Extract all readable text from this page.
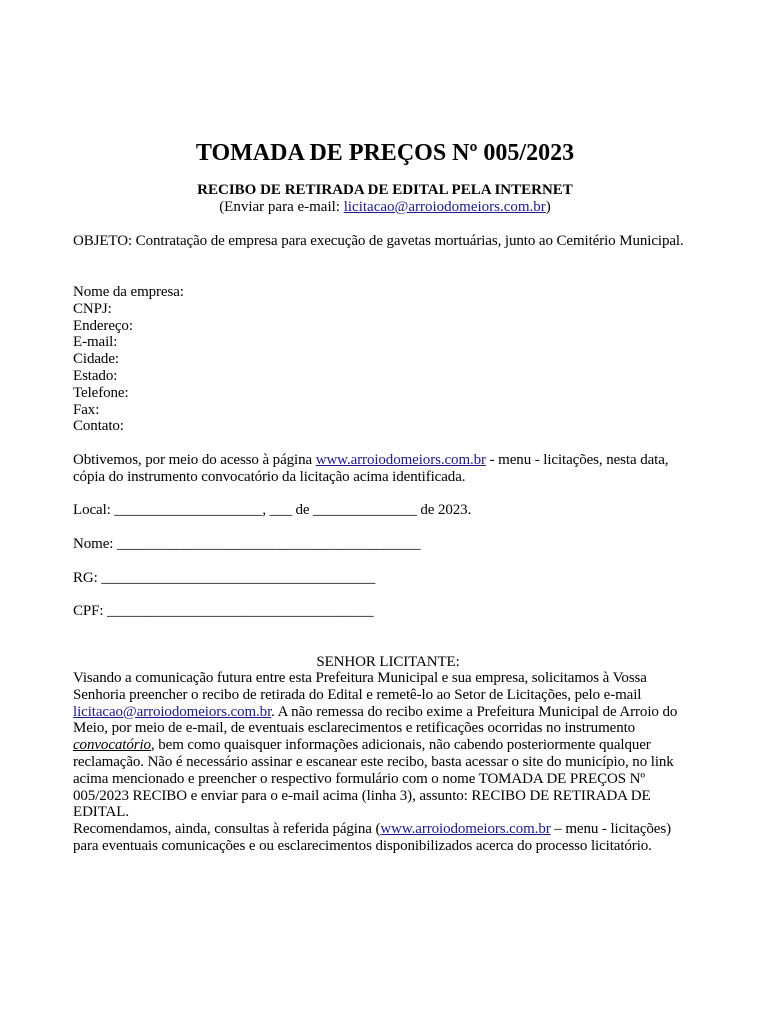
TOMADA DE PREÇOS Nº 005/2023
RECIBO DE RETIRADA DE EDITAL PELA INTERNET
(Enviar para e-mail: licitacao@arroiodomeiors.com.br)
OBJETO: Contratação de empresa para execução de gavetas mortuárias, junto ao Cemitério Municipal.
Nome da empresa:
CNPJ:
Endereço:
E-mail:
Cidade:
Estado:
Telefone:
Fax:
Contato:
Obtivemos, por meio do acesso à página www.arroiodomeiors.com.br - menu - licitações, nesta data, cópia do instrumento convocatório da licitação acima identificada.
Local: ____________________, ___ de ______________ de 2023.
Nome: _________________________________________
RG: _____________________________________
CPF: ____________________________________
SENHOR LICITANTE:
Visando a comunicação futura entre esta Prefeitura Municipal e sua empresa, solicitamos à Vossa Senhoria preencher o recibo de retirada do Edital e remetê-lo ao Setor de Licitações, pelo e-mail licitacao@arroiodomeiors.com.br. A não remessa do recibo exime a Prefeitura Municipal de Arroio do Meio, por meio de e-mail, de eventuais esclarecimentos e retificações ocorridas no instrumento convocatório, bem como quaisquer informações adicionais, não cabendo posteriormente qualquer reclamação. Não é necessário assinar e escanear este recibo, basta acessar o site do município, no link acima mencionado e preencher o respectivo formulário com o nome TOMADA DE PREÇOS Nº 005/2023 RECIBO e enviar para o e-mail acima (linha 3), assunto: RECIBO DE RETIRADA DE EDITAL.
Recomendamos, ainda, consultas à referida página (www.arroiodomeiors.com.br – menu - licitações) para eventuais comunicações e ou esclarecimentos disponibilizados acerca do processo licitatório.
